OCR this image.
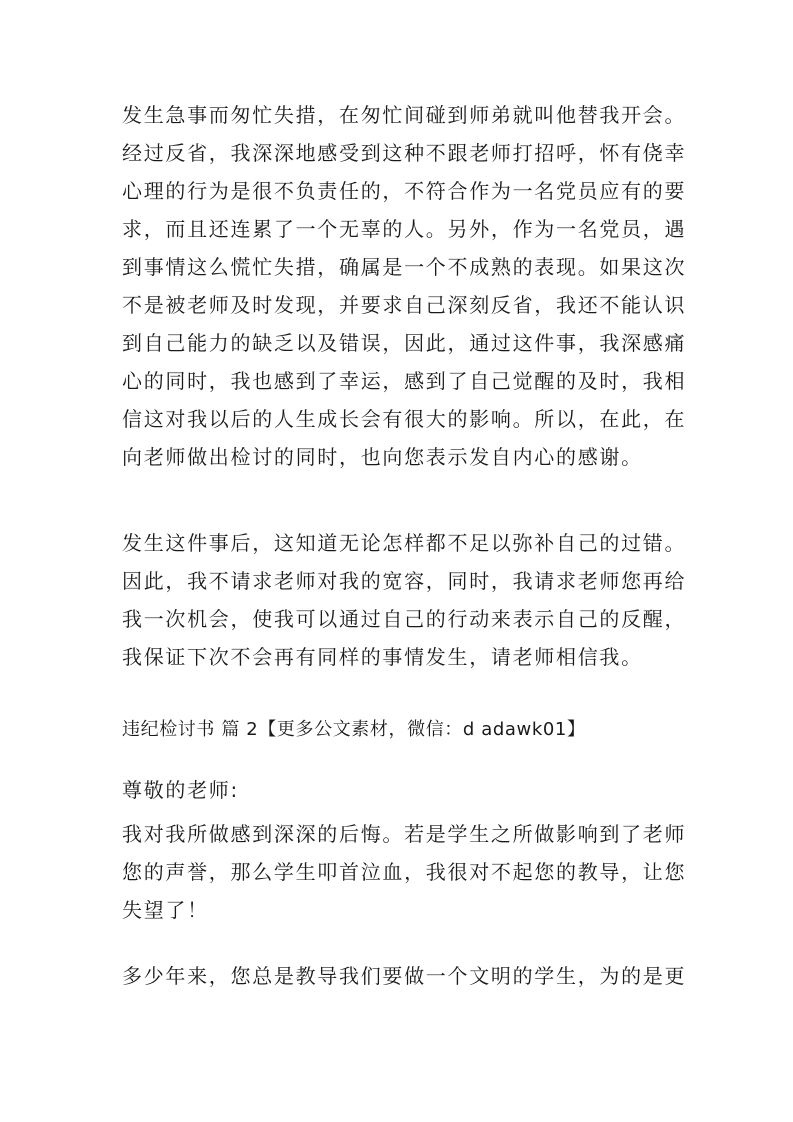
发生急事而匆忙失措，在匆忙间碰到师弟就叫他替我开会。
经过反省，我深深地感受到这种不跟老师打招呼，怀有侥幸
心理的行为是很不负责任的，不符合作为一名党员应有的要
求，而且还连累了一个无辜的人。另外，作为一名党员，遇
到事情这么慌忙失措，确属是一个不成熟的表现。如果这次
不是被老师及时发现，并要求自己深刻反省，我还不能认识
到自己能力的缺乏以及错误，因此，通过这件事，我深感痛
心的同时，我也感到了幸运，感到了自己觉醒的及时，我相
信这对我以后的人生成长会有很大的影响。所以，在此，在
向老师做出检讨的同时，也向您表示发自内心的感谢。
发生这件事后，这知道无论怎样都不足以弥补自己的过错。
因此，我不请求老师对我的宽容，同时，我请求老师您再给
我一次机会，使我可以通过自己的行动来表示自己的反醒，
我保证下次不会再有同样的事情发生，请老师相信我。
违纪检讨书 篇 2【更多公文素材，微信：d adawk01】
尊敬的老师:
我对我所做感到深深的后悔。若是学生之所做影响到了老师
您的声誉，那么学生叩首泣血，我很对不起您的教导，让您
失望了！
多少年来，您总是教导我们要做一个文明的学生，为的是更
